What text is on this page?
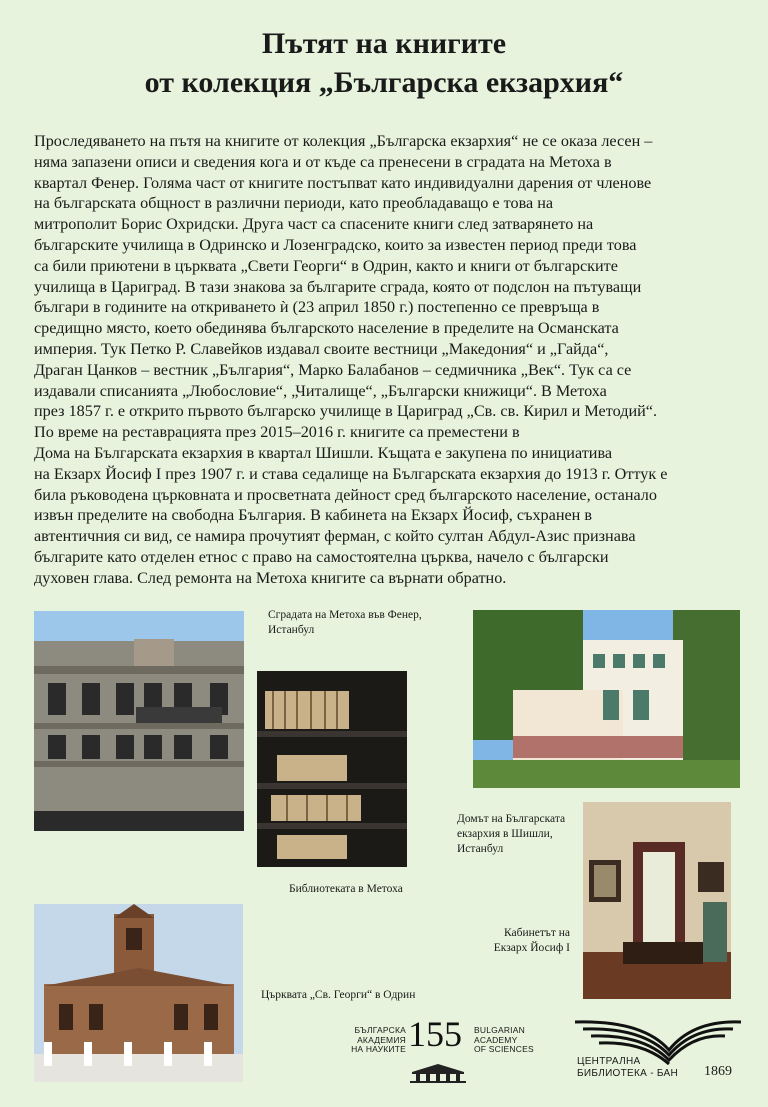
Пътят на книгите
от колекция „Българска екзархия“
Проследяването на пътя на книгите от колекция „Българска екзархия“ не се оказа лесен –
няма запазени описи и сведения кога и от къде са пренесени в сградата на Метоха в
квартал Фенер. Голяма част от книгите постъпват като индивидуални дарения от членове
на българската общност в различни периоди, като преобладаващо е това на
митрополит Борис Охридски. Друга част са спасените книги след затварянето на
българските училища в Одринско и Лозенградско, които за известен период преди това
са били приютени в църквата „Свети Георги“ в Одрин, както и книги от българските
училища в Цариград. В тази знакова за българите сграда, която от подслон на пътуващи
българи в годините на откриването ѝ (23 април 1850 г.) постепенно се превръща в
средищно място, което обединява българското население в пределите на Османската
империя. Тук Петко Р. Славейков издавал своите вестници „Македония“ и „Гайда“,
Драган Цанков – вестник „България“, Марко Балабанов – седмичника „Век“. Тук са се
издавали списанията „Любословие“, „Читалище“, „Български книжици“. В Метоха
през 1857 г. е открито първото българско училище в Цариград „Св. св. Кирил и Методий“.
По време на реставрацията през 2015–2016 г. книгите са преместени в
Дома на Българската екзархия в квартал Шишли. Къщата е закупена по инициатива
на Екзарх Йосиф I през 1907 г. и става седалище на Българската екзархия до 1913 г. Оттук е
била ръководена църковната и просветната дейност сред българското население, останало
извън пределите на свободна България. В кабинета на Екзарх Йосиф, съхранен в
автентичния си вид, се намира прочутият ферман, с който султан Абдул-Азис признава
българите като отделен етнос с право на самостоятелна църква, начело с български
духовен глава. След ремонта на Метоха книгите са върнати обратно.
Сградата на Метоха във Фенер,
Истанбул
Библиотеката в Метоха
Домът на Българската
екзархия в Шишли,
Истанбул
Кабинетът на
Екзарх Йосиф I
Църквата „Св. Георги“ в Одрин
БЪЛГАРСКА
АКАДЕМИЯ
НА НАУКИТЕ 155 BULGARIAN
ACADEMY
OF SCIENCES
ЦЕНТРАЛНА
БИБЛИОТЕКА - БАН 1869
